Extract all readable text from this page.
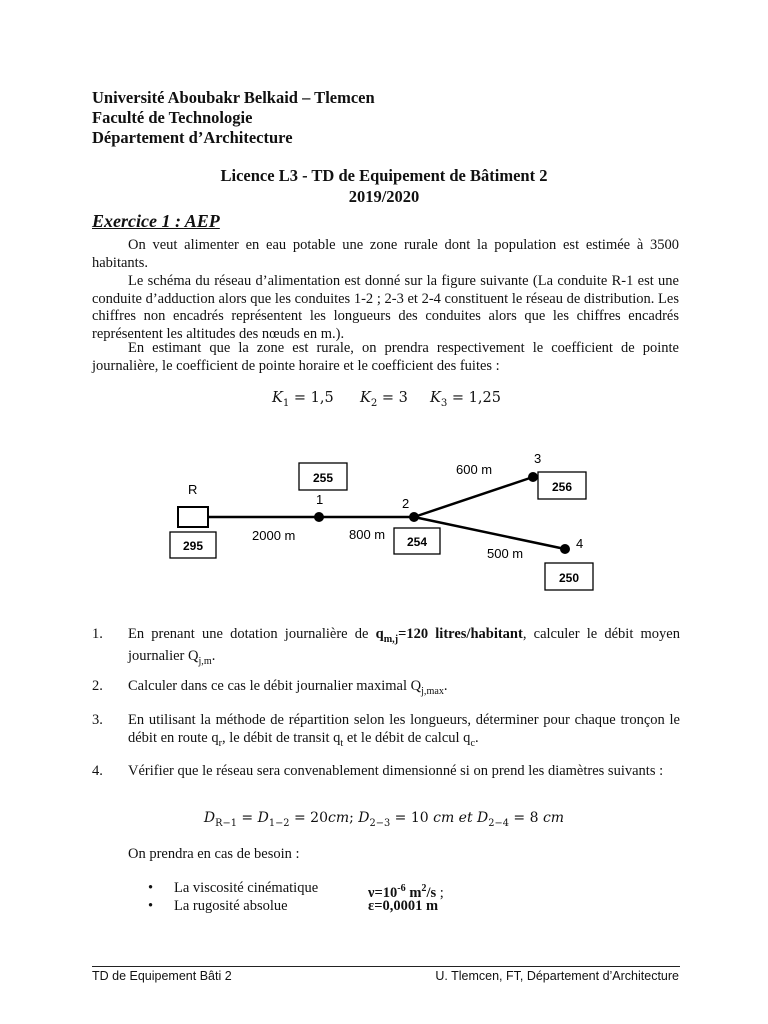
Université Aboubakr Belkaid – Tlemcen
Faculté de Technologie
Département d’Architecture
Licence L3 - TD de Equipement de Bâtiment 2
2019/2020
Exercice 1 : AEP
On veut alimenter en eau potable une zone rurale dont la population est estimée à 3500 habitants.
Le schéma du réseau d’alimentation est donné sur la figure suivante (La conduite R-1 est une conduite d’adduction alors que les conduites 1-2 ; 2-3 et 2-4 constituent le réseau de distribution. Les chiffres non encadrés représentent les longueurs des conduites alors que les chiffres encadrés représentent les altitudes des nœuds en m.).
En estimant que la zone est rurale, on prendra respectivement le coefficient de pointe journalière, le coefficient de pointe horaire et le coefficient des fuites :
$K_1 = 1,5$ $K_2 = 3$ $K_3 = 1,25$
R
1	2
3
4
295
255
254
256
250
2000 m	800 m
600 m
500 m
1. En prenant une dotation journalière de $q_{m,j}=120$ litres/habitant, calculer le débit moyen journalier $Q_{j,m}$.
2. Calculer dans ce cas le débit journalier maximal $Q_{j,max}$.
3. En utilisant la méthode de répartition selon les longueurs, déterminer pour chaque tronçon le débit en route $q_r$, le débit de transit $q_t$ et le débit de calcul $q_c$.
4. Vérifier que le réseau sera convenablement dimensionné si on prend les diamètres suivants :
$D_{R-1} = D_{1-2} = 20cm$; $D_{2-3} = 10$ cm et $D_{2-4} = 8$ cm
On prendra en cas de besoin :
• La viscosité cinématique	$\nu=10^{-6}$ $m^2/s$ ;
• La rugosité absolue	ε=0,0001 m
TD de Equipement Bâti 2	U. Tlemcen, FT, Département d’Architecture
